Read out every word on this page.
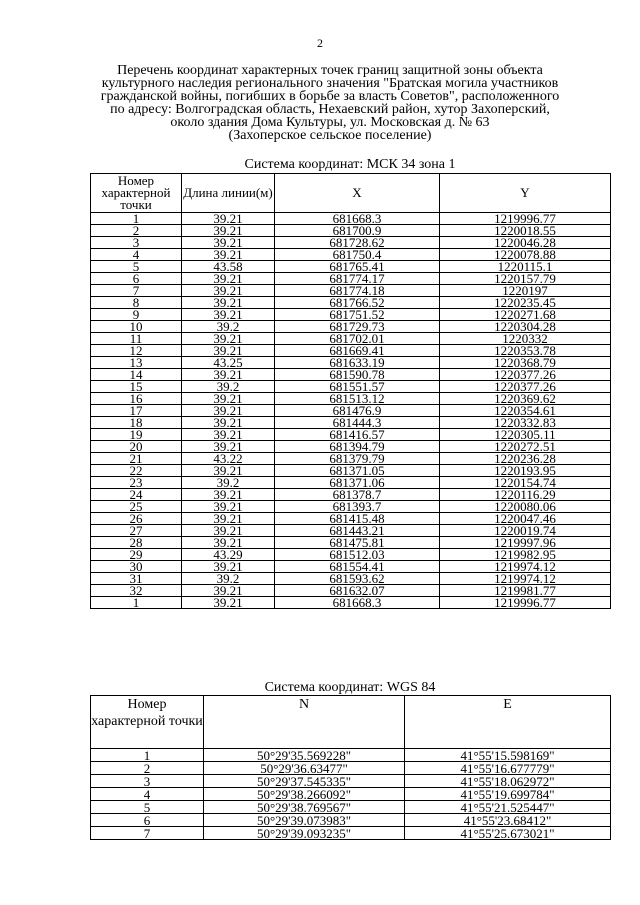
2
Перечень координат характерных точек границ защитной зоны объекта
культурного наследия регионального значения "Братская могила участников
гражданской войны, погибших в борьбе за власть Советов", расположенного
по адресу: Волгоградская область, Нехаевский район, хутор Захоперский,
около здания Дома Культуры, ул. Московская д. № 63
(Захоперское сельское поселение)
Система координат: МСК 34 зона 1
Номер характерной точки	Длина линии(м)	X	Y
1	39.21	681668.3	1219996.77
2	39.21	681700.9	1220018.55
3	39.21	681728.62	1220046.28
4	39.21	681750.4	1220078.88
5	43.58	681765.41	1220115.1
6	39.21	681774.17	1220157.79
7	39.21	681774.18	1220197
8	39.21	681766.52	1220235.45
9	39.21	681751.52	1220271.68
10	39.2	681729.73	1220304.28
11	39.21	681702.01	1220332
12	39.21	681669.41	1220353.78
13	43.25	681633.19	1220368.79
14	39.21	681590.78	1220377.26
15	39.2	681551.57	1220377.26
16	39.21	681513.12	1220369.62
17	39.21	681476.9	1220354.61
18	39.21	681444.3	1220332.83
19	39.21	681416.57	1220305.11
20	39.21	681394.79	1220272.51
21	43.22	681379.79	1220236.28
22	39.21	681371.05	1220193.95
23	39.2	681371.06	1220154.74
24	39.21	681378.7	1220116.29
25	39.21	681393.7	1220080.06
26	39.21	681415.48	1220047.46
27	39.21	681443.21	1220019.74
28	39.21	681475.81	1219997.96
29	43.29	681512.03	1219982.95
30	39.21	681554.41	1219974.12
31	39.2	681593.62	1219974.12
32	39.21	681632.07	1219981.77
1	39.21	681668.3	1219996.77
Система координат: WGS 84
Номер характерной точки	N	E
1	50°29'35.569228"	41°55'15.598169"
2	50°29'36.63477"	41°55'16.677779"
3	50°29'37.545335"	41°55'18.062972"
4	50°29'38.266092"	41°55'19.699784"
5	50°29'38.769567"	41°55'21.525447"
6	50°29'39.073983"	41°55'23.68412"
7	50°29'39.093235"	41°55'25.673021"
